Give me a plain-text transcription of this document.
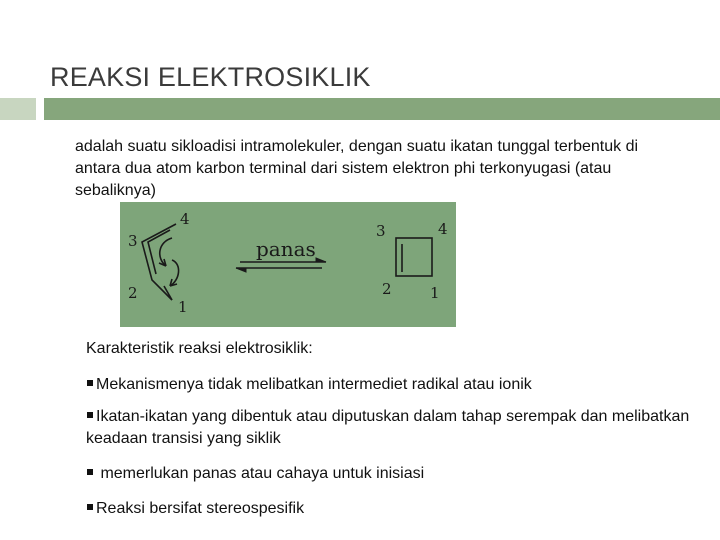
REAKSI ELEKTROSIKLIK
adalah suatu sikloadisi intramolekuler, dengan suatu ikatan tunggal terbentuk di antara dua atom karbon terminal dari sistem elektron phi terkonyugasi (atau sebaliknya)
4
3
2
1
panas
3	4
2	1
Karakteristik reaksi elektrosiklik:
Mekanismenya tidak melibatkan intermediet radikal atau ionik
Ikatan-ikatan yang dibentuk atau diputuskan dalam tahap serempak dan melibatkan keadaan transisi yang siklik
memerlukan panas atau cahaya untuk inisiasi
Reaksi bersifat stereospesifik
